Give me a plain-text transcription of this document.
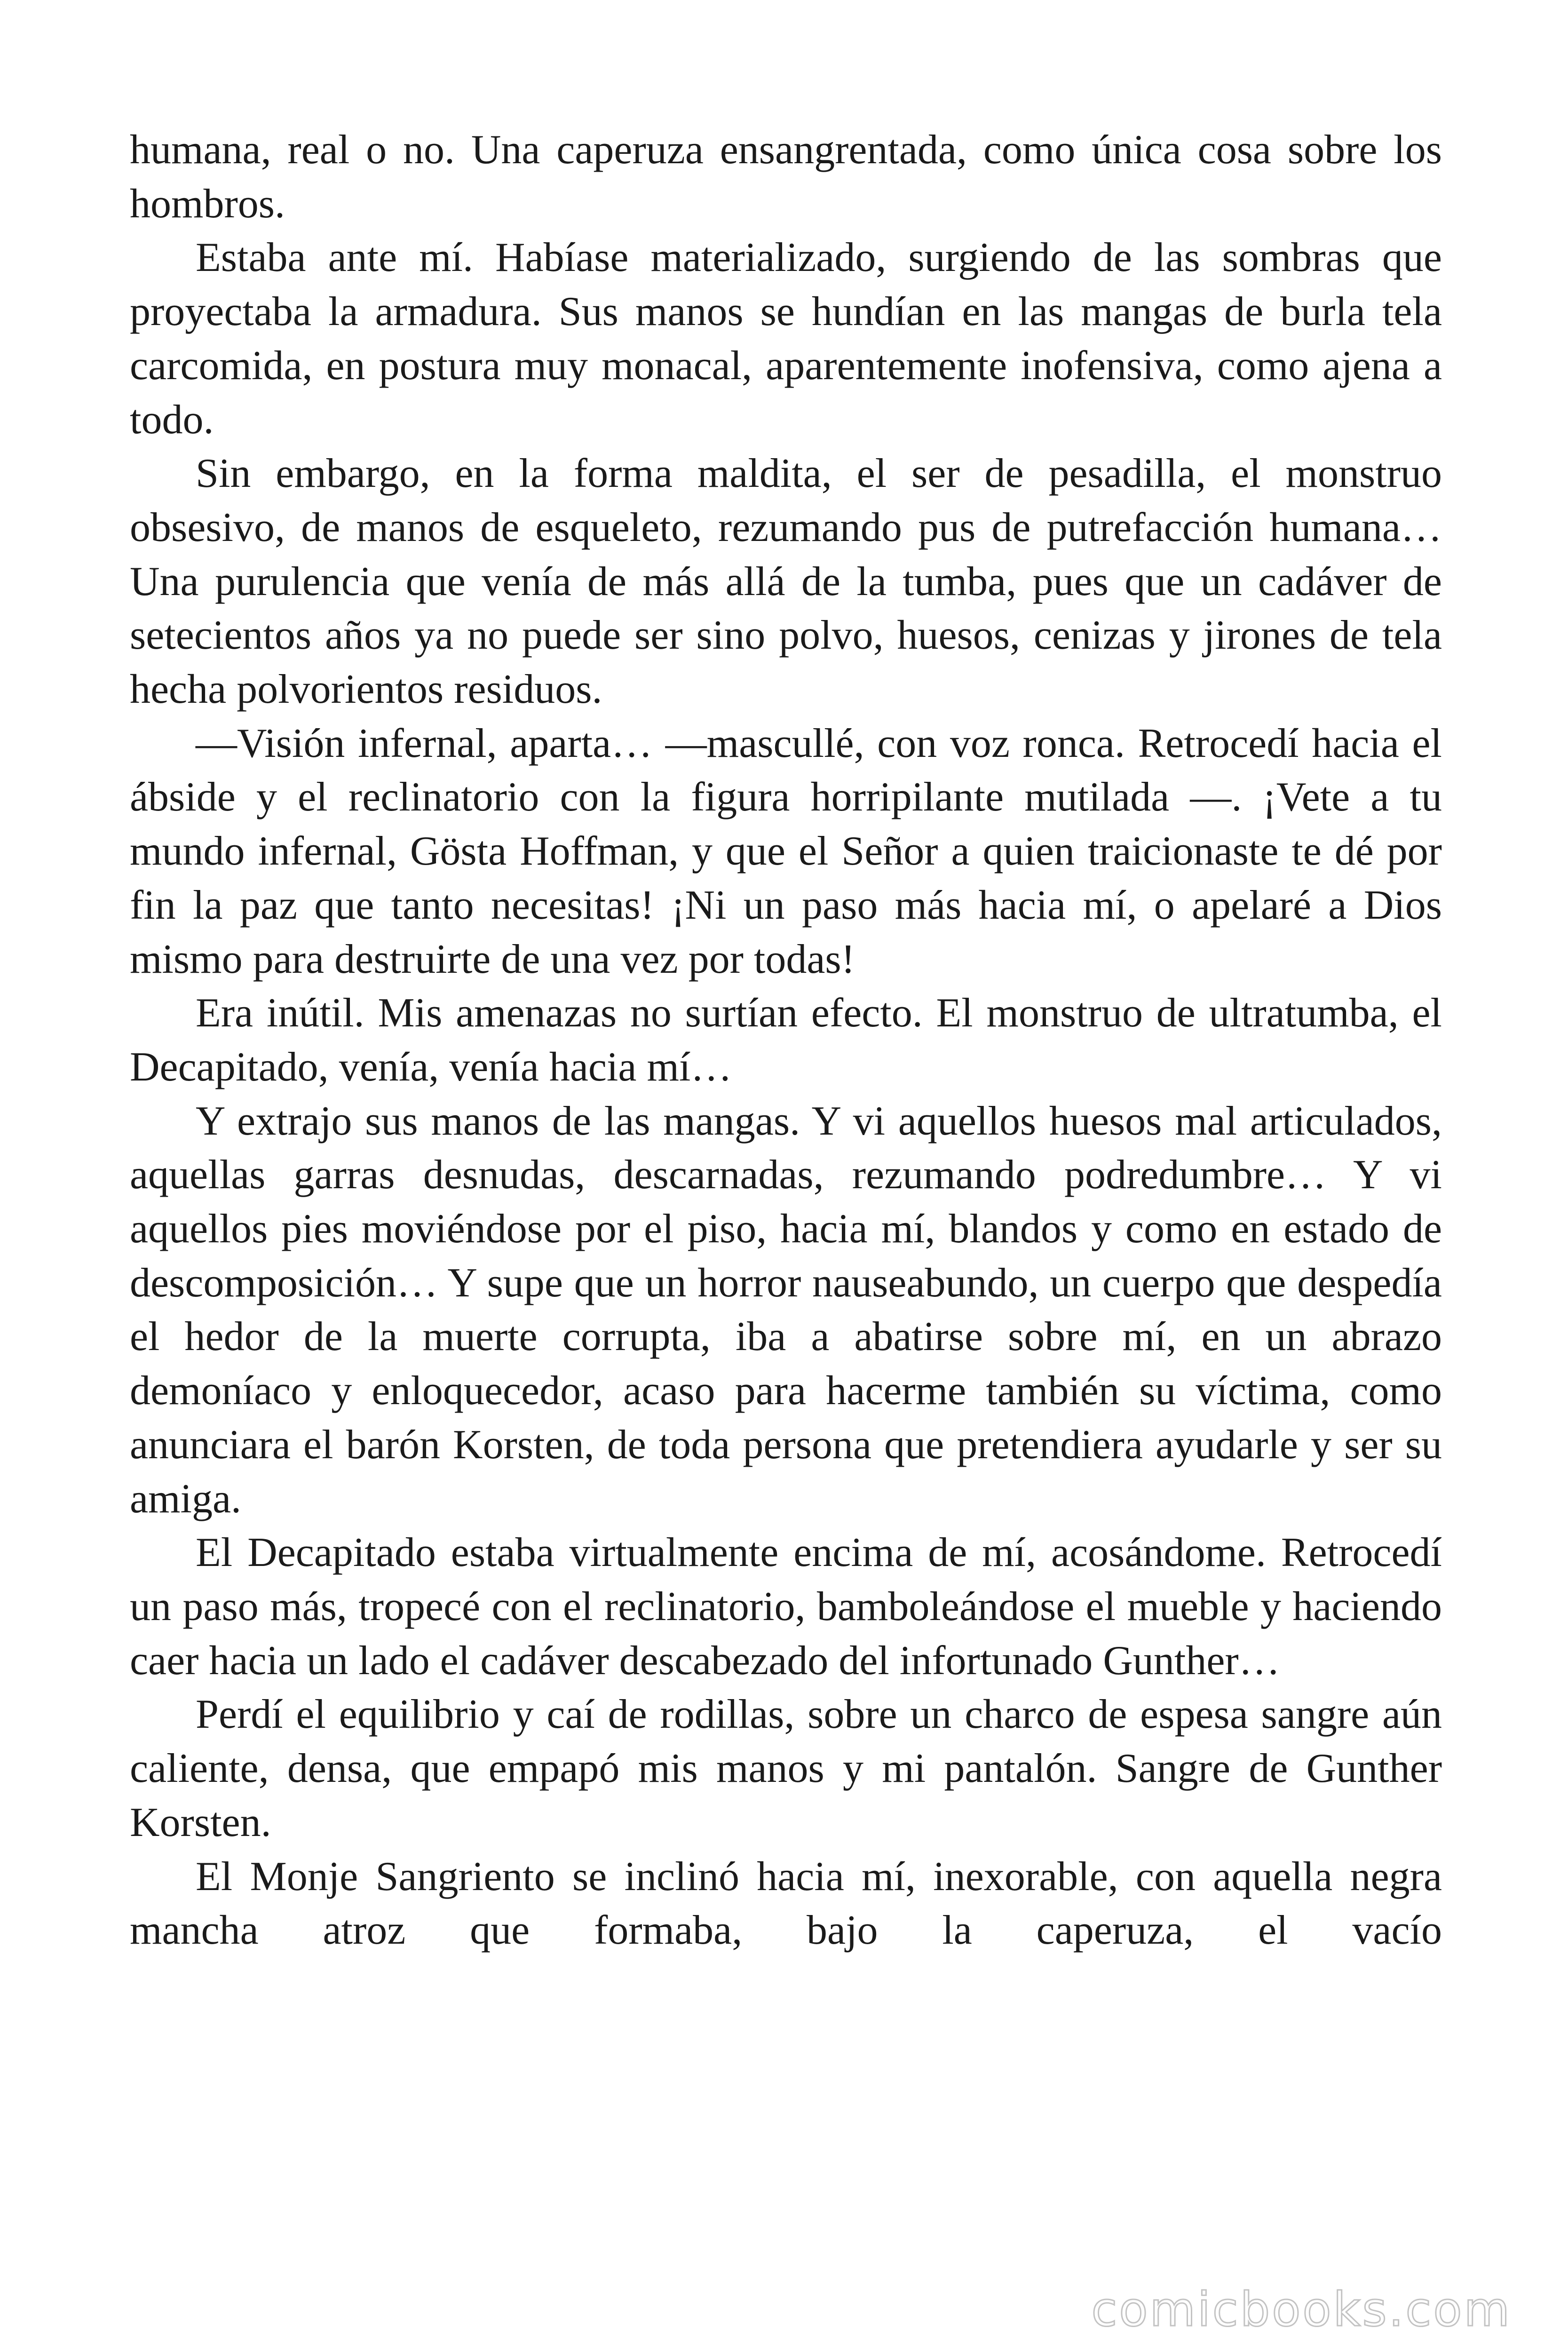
humana, real o no. Una caperuza ensangrentada, como única cosa sobre los hombros.

Estaba ante mí. Habíase materializado, surgiendo de las sombras que proyectaba la armadura. Sus manos se hundían en las mangas de burla tela carcomida, en postura muy monacal, aparentemente inofensiva, como ajena a todo.

Sin embargo, en la forma maldita, el ser de pesadilla, el monstruo obsesivo, de manos de esqueleto, rezumando pus de putrefacción humana… Una purulencia que venía de más allá de la tumba, pues que un cadáver de setecientos años ya no puede ser sino polvo, huesos, cenizas y jirones de tela hecha polvorientos residuos.

—Visión infernal, aparta… —mascullé, con voz ronca. Retrocedí hacia el ábside y el reclinatorio con la figura horripilante mutilada —. ¡Vete a tu mundo infernal, Gösta Hoffman, y que el Señor a quien traicionaste te dé por fin la paz que tanto necesitas! ¡Ni un paso más hacia mí, o apelaré a Dios mismo para destruirte de una vez por todas!

Era inútil. Mis amenazas no surtían efecto. El monstruo de ultratumba, el Decapitado, venía, venía hacia mí…

Y extrajo sus manos de las mangas. Y vi aquellos huesos mal articulados, aquellas garras desnudas, descarnadas, rezumando podredumbre… Y vi aquellos pies moviéndose por el piso, hacia mí, blandos y como en estado de descomposición… Y supe que un horror nauseabundo, un cuerpo que despedía el hedor de la muerte corrupta, iba a abatirse sobre mí, en un abrazo demoníaco y enloquecedor, acaso para hacerme también su víctima, como anunciara el barón Korsten, de toda persona que pretendiera ayudarle y ser su amiga.

El Decapitado estaba virtualmente encima de mí, acosándome. Retrocedí un paso más, tropecé con el reclinatorio, bamboleándose el mueble y haciendo caer hacia un lado el cadáver descabezado del infortunado Gunther…

Perdí el equilibrio y caí de rodillas, sobre un charco de espesa sangre aún caliente, densa, que empapó mis manos y mi pantalón. Sangre de Gunther Korsten.

El Monje Sangriento se inclinó hacia mí, inexorable, con aquella negra mancha atroz que formaba, bajo la caperuza, el vacío

comicbooks.com
